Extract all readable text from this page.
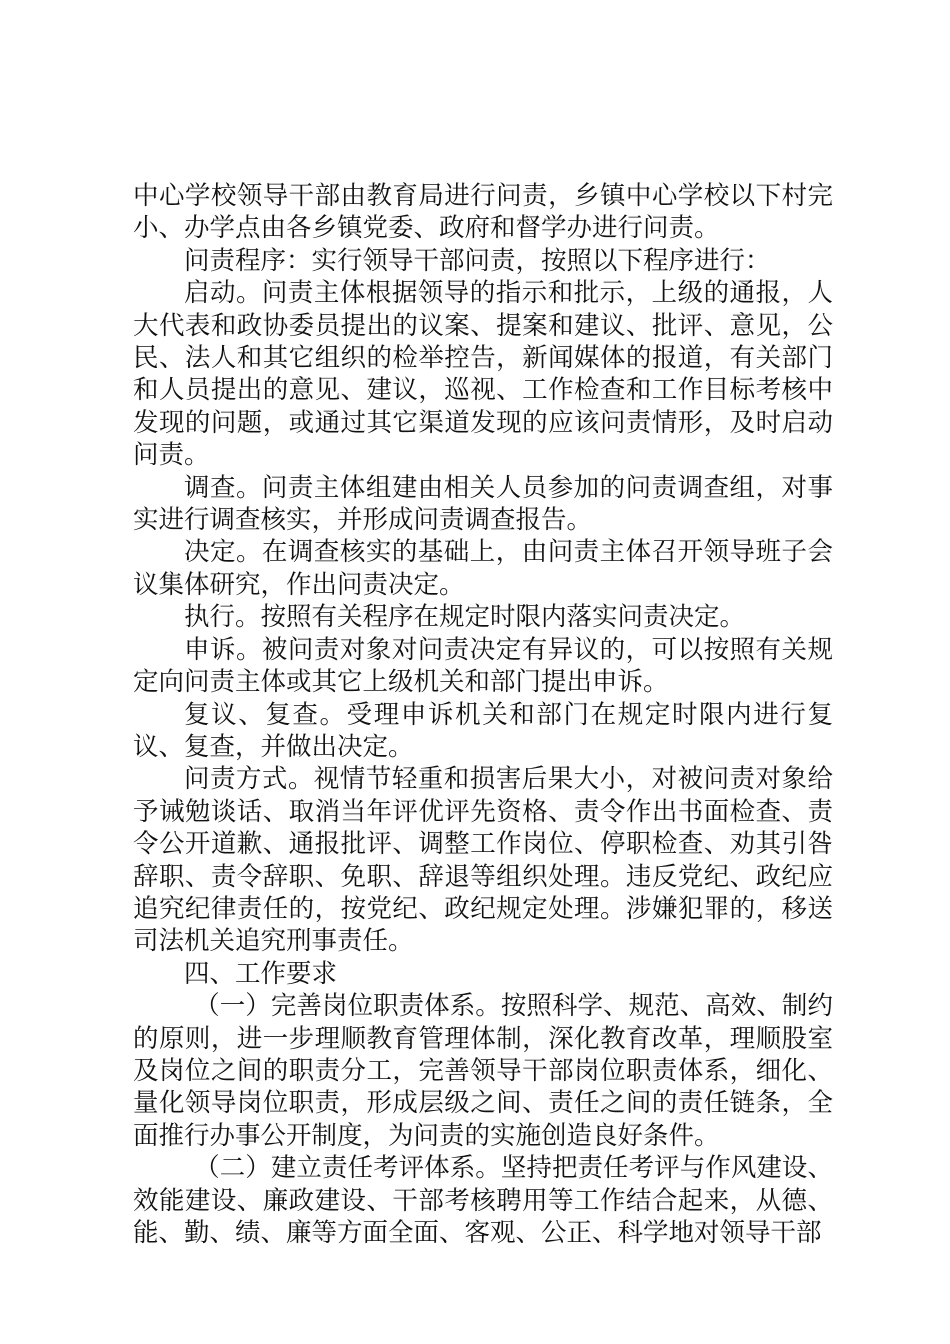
中心学校领导干部由教育局进行问责，乡镇中心学校以下村完小、办学点由各乡镇党委、政府和督学办进行问责。

问责程序：实行领导干部问责，按照以下程序进行：

启动。问责主体根据领导的指示和批示，上级的通报，人大代表和政协委员提出的议案、提案和建议、批评、意见，公民、法人和其它组织的检举控告，新闻媒体的报道，有关部门和人员提出的意见、建议，巡视、工作检查和工作目标考核中发现的问题，或通过其它渠道发现的应该问责情形，及时启动问责。

调查。问责主体组建由相关人员参加的问责调查组，对事实进行调查核实，并形成问责调查报告。

决定。在调查核实的基础上，由问责主体召开领导班子会议集体研究，作出问责决定。

执行。按照有关程序在规定时限内落实问责决定。

申诉。被问责对象对问责决定有异议的，可以按照有关规定向问责主体或其它上级机关和部门提出申诉。

复议、复查。受理申诉机关和部门在规定时限内进行复议、复查，并做出决定。

问责方式。视情节轻重和损害后果大小，对被问责对象给予诫勉谈话、取消当年评优评先资格、责令作出书面检查、责令公开道歉、通报批评、调整工作岗位、停职检查、劝其引咎辞职、责令辞职、免职、辞退等组织处理。违反党纪、政纪应追究纪律责任的，按党纪、政纪规定处理。涉嫌犯罪的，移送司法机关追究刑事责任。

四、工作要求

（一）完善岗位职责体系。按照科学、规范、高效、制约的原则，进一步理顺教育管理体制，深化教育改革，理顺股室及岗位之间的职责分工，完善领导干部岗位职责体系，细化、量化领导岗位职责，形成层级之间、责任之间的责任链条，全面推行办事公开制度，为问责的实施创造良好条件。

（二）建立责任考评体系。坚持把责任考评与作风建设、效能建设、廉政建设、干部考核聘用等工作结合起来，从德、能、勤、绩、廉等方面全面、客观、公正、科学地对领导干部
